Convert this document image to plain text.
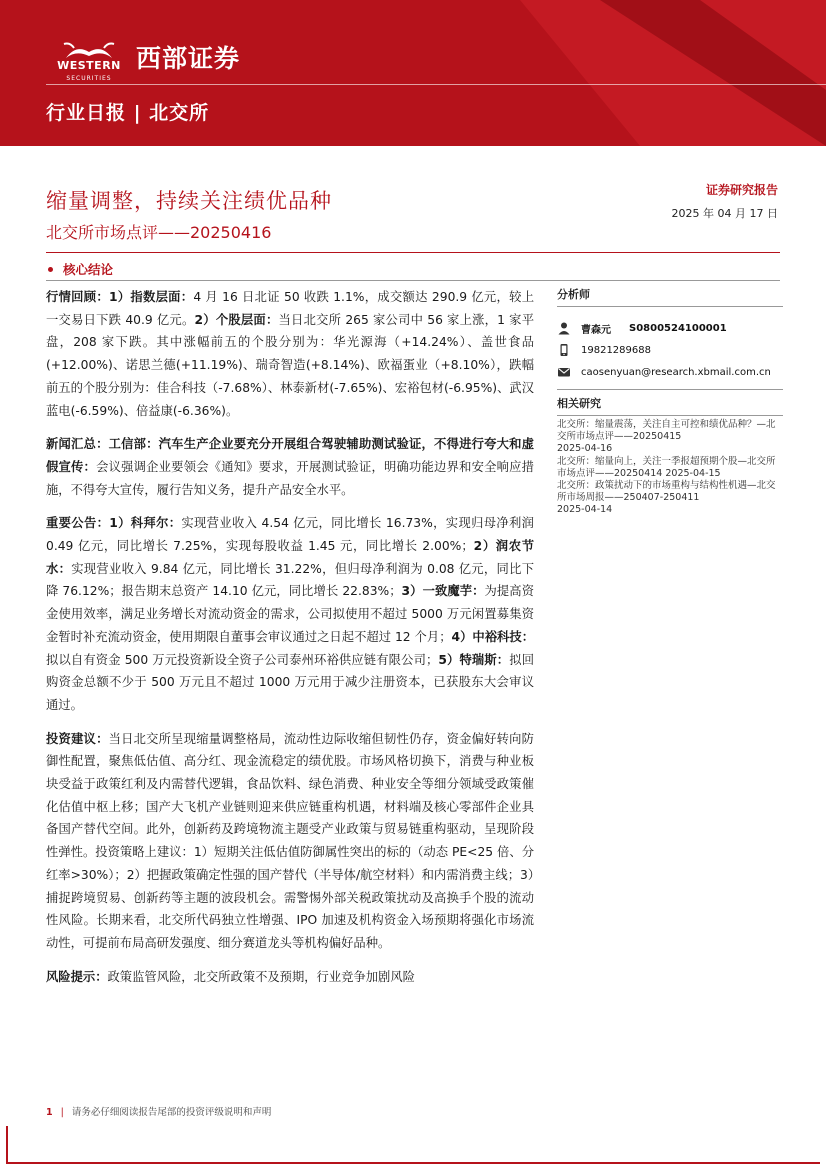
WESTERN
SECURITIES
西部证券
行业日报 | 北交所
缩量调整，持续关注绩优品种
北交所市场点评——20250416
证券研究报告
2025 年 04 月 17 日
核心结论

行情回顾：1）指数层面：4 月 16 日北证 50 收跌 1.1%，成交额达 290.9 亿元，较上一交易日下跌 40.9 亿元。2）个股层面：当日北交所 265 家公司中 56 家上涨，1 家平盘，208 家下跌。其中涨幅前五的个股分别为：华光源海（+14.24%）、盖世食品(+12.00%)、诺思兰德(+11.19%)、瑞奇智造(+8.14%)、欧福蛋业（+8.10%），跌幅前五的个股分别为：佳合科技（-7.68%）、林泰新材(-7.65%)、宏裕包材(-6.95%)、武汉蓝电(-6.59%)、倍益康(-6.36%)。

新闻汇总：工信部：汽车生产企业要充分开展组合驾驶辅助测试验证，不得进行夸大和虚假宣传：会议强调企业要领会《通知》要求，开展测试验证，明确功能边界和安全响应措施，不得夸大宣传，履行告知义务，提升产品安全水平。

重要公告：1）科拜尔：实现营业收入 4.54 亿元，同比增长 16.73%，实现归母净利润 0.49 亿元，同比增长 7.25%，实现每股收益 1.45 元，同比增长 2.00%；2）润农节水：实现营业收入 9.84 亿元，同比增长 31.22%，但归母净利润为 0.08 亿元，同比下降 76.12%；报告期末总资产 14.10 亿元，同比增长 22.83%；3）一致魔芋：为提高资金使用效率，满足业务增长对流动资金的需求，公司拟使用不超过 5000 万元闲置募集资金暂时补充流动资金，使用期限自董事会审议通过之日起不超过 12 个月；4）中裕科技：拟以自有资金 500 万元投资新设全资子公司泰州环裕供应链有限公司；5）特瑞斯：拟回购资金总额不少于 500 万元且不超过 1000 万元用于减少注册资本，已获股东大会审议通过。

投资建议：当日北交所呈现缩量调整格局，流动性边际收缩但韧性仍存，资金偏好转向防御性配置，聚焦低估值、高分红、现金流稳定的绩优股。市场风格切换下，消费与种业板块受益于政策红利及内需替代逻辑，食品饮料、绿色消费、种业安全等细分领域受政策催化估值中枢上移；国产大飞机产业链则迎来供应链重构机遇，材料端及核心零部件企业具备国产替代空间。此外，创新药及跨境物流主题受产业政策与贸易链重构驱动，呈现阶段性弹性。投资策略上建议：1）短期关注低估值防御属性突出的标的（动态 PE<25 倍、分红率>30%）；2）把握政策确定性强的国产替代（半导体/航空材料）和内需消费主线；3）捕捉跨境贸易、创新药等主题的波段机会。需警惕外部关税政策扰动及高换手个股的流动性风险。长期来看，北交所代码独立性增强、IPO 加速及机构资金入场预期将强化市场流动性，可提前布局高研发强度、细分赛道龙头等机构偏好品种。

风险提示：政策监管风险，北交所政策不及预期，行业竞争加剧风险

分析师
曹森元 S0800524100001
19821289688
caosenyuan@research.xbmail.com.cn
相关研究
北交所：缩量震荡，关注自主可控和绩优品种？—北交所市场点评——20250415
2025-04-16
北交所：缩量向上，关注一季报超预期个股—北交所市场点评——20250414 2025-04-15
北交所：政策扰动下的市场重构与结构性机遇—北交所市场周报——250407-250411
2025-04-14
1 | 请务必仔细阅读报告尾部的投资评级说明和声明
